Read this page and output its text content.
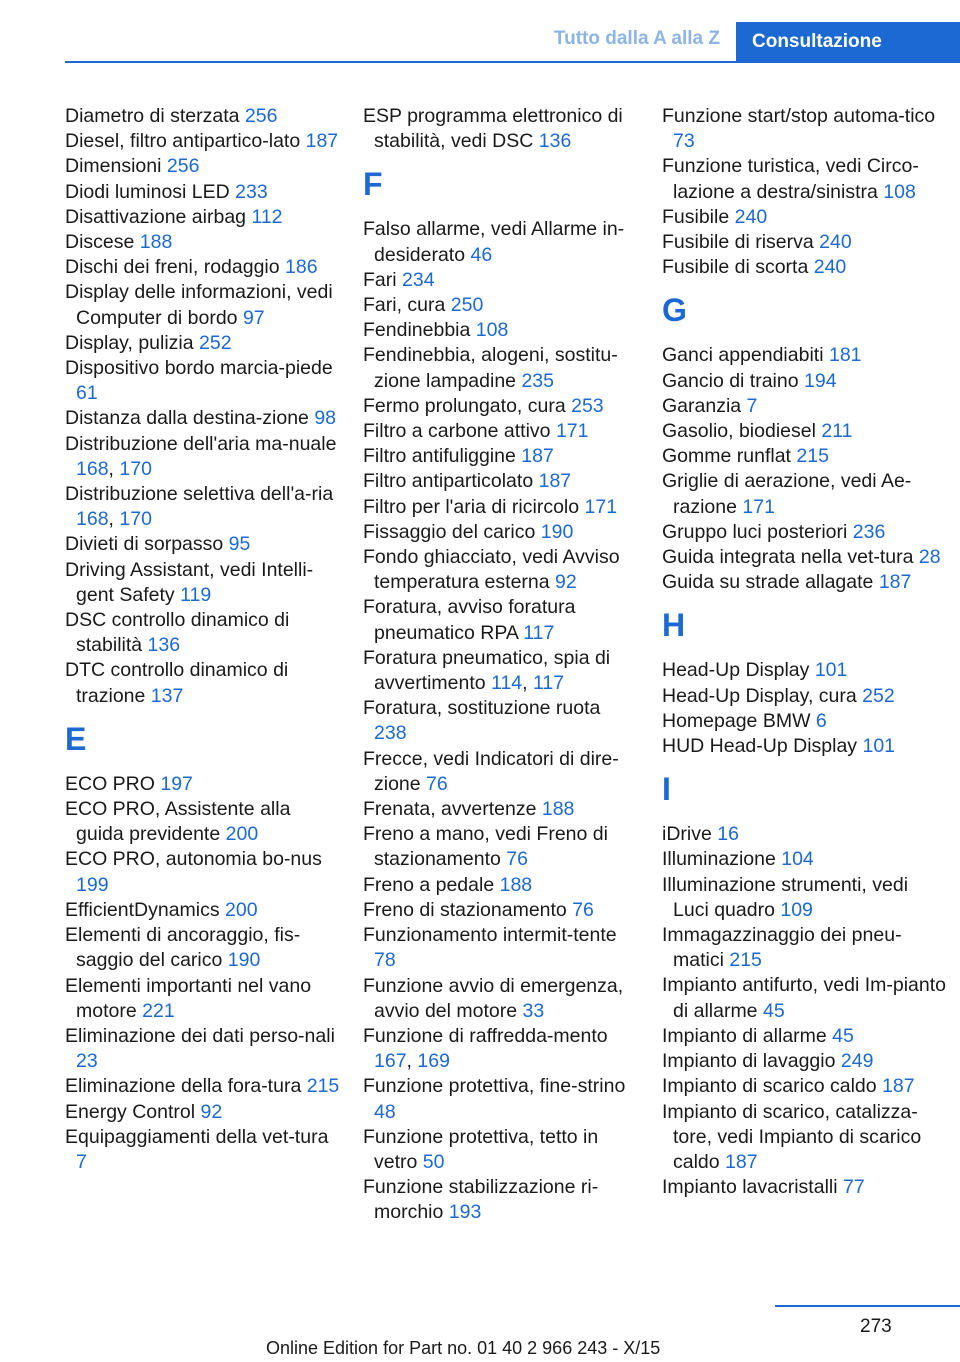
Tutto dalla A alla Z	Consultazione
Diametro di sterzata 256
Diesel, filtro antipartico-lato 187
Dimensioni 256
Diodi luminosi LED 233
Disattivazione airbag 112
Discese 188
Dischi dei freni, rodaggio 186
Display delle informazioni, vedi Computer di bordo 97
Display, pulizia 252
Dispositivo bordo marcia-piede 61
Distanza dalla destina-zione 98
Distribuzione dell'aria ma-nuale 168, 170
Distribuzione selettiva dell'a-ria 168, 170
Divieti di sorpasso 95
Driving Assistant, vedi Intelli-gent Safety 119
DSC controllo dinamico di stabilità 136
DTC controllo dinamico di trazione 137
E
ECO PRO 197
ECO PRO, Assistente alla guida previdente 200
ECO PRO, autonomia bo-nus 199
EfficientDynamics 200
Elementi di ancoraggio, fis-saggio del carico 190
Elementi importanti nel vano motore 221
Eliminazione dei dati perso-nali 23
Eliminazione della fora-tura 215
Energy Control 92
Equipaggiamenti della vet-tura 7
ESP programma elettronico di stabilità, vedi DSC 136
F
Falso allarme, vedi Allarme in-desiderato 46
Fari 234
Fari, cura 250
Fendinebbia 108
Fendinebbia, alogeni, sostitu-zione lampadine 235
Fermo prolungato, cura 253
Filtro a carbone attivo 171
Filtro antifuliggine 187
Filtro antiparticolato 187
Filtro per l'aria di ricircolo 171
Fissaggio del carico 190
Fondo ghiacciato, vedi Avviso temperatura esterna 92
Foratura, avviso foratura pneumatico RPA 117
Foratura pneumatico, spia di avvertimento 114, 117
Foratura, sostituzione ruota 238
Frecce, vedi Indicatori di dire-zione 76
Frenata, avvertenze 188
Freno a mano, vedi Freno di stazionamento 76
Freno a pedale 188
Freno di stazionamento 76
Funzionamento intermit-tente 78
Funzione avvio di emergenza, avvio del motore 33
Funzione di raffredda-mento 167, 169
Funzione protettiva, fine-strino 48
Funzione protettiva, tetto in vetro 50
Funzione stabilizzazione ri-morchio 193
Funzione start/stop automa-tico 73
Funzione turistica, vedi Circo-lazione a destra/sinistra 108
Fusibile 240
Fusibile di riserva 240
Fusibile di scorta 240
G
Ganci appendiabiti 181
Gancio di traino 194
Garanzia 7
Gasolio, biodiesel 211
Gomme runflat 215
Griglie di aerazione, vedi Ae-razione 171
Gruppo luci posteriori 236
Guida integrata nella vet-tura 28
Guida su strade allagate 187
H
Head-Up Display 101
Head-Up Display, cura 252
Homepage BMW 6
HUD Head-Up Display 101
I
iDrive 16
Illuminazione 104
Illuminazione strumenti, vedi Luci quadro 109
Immagazzinaggio dei pneu-matici 215
Impianto antifurto, vedi Im-pianto di allarme 45
Impianto di allarme 45
Impianto di lavaggio 249
Impianto di scarico caldo 187
Impianto di scarico, catalizza-tore, vedi Impianto di scarico caldo 187
Impianto lavacristalli 77
273
Online Edition for Part no. 01 40 2 966 243 - X/15
